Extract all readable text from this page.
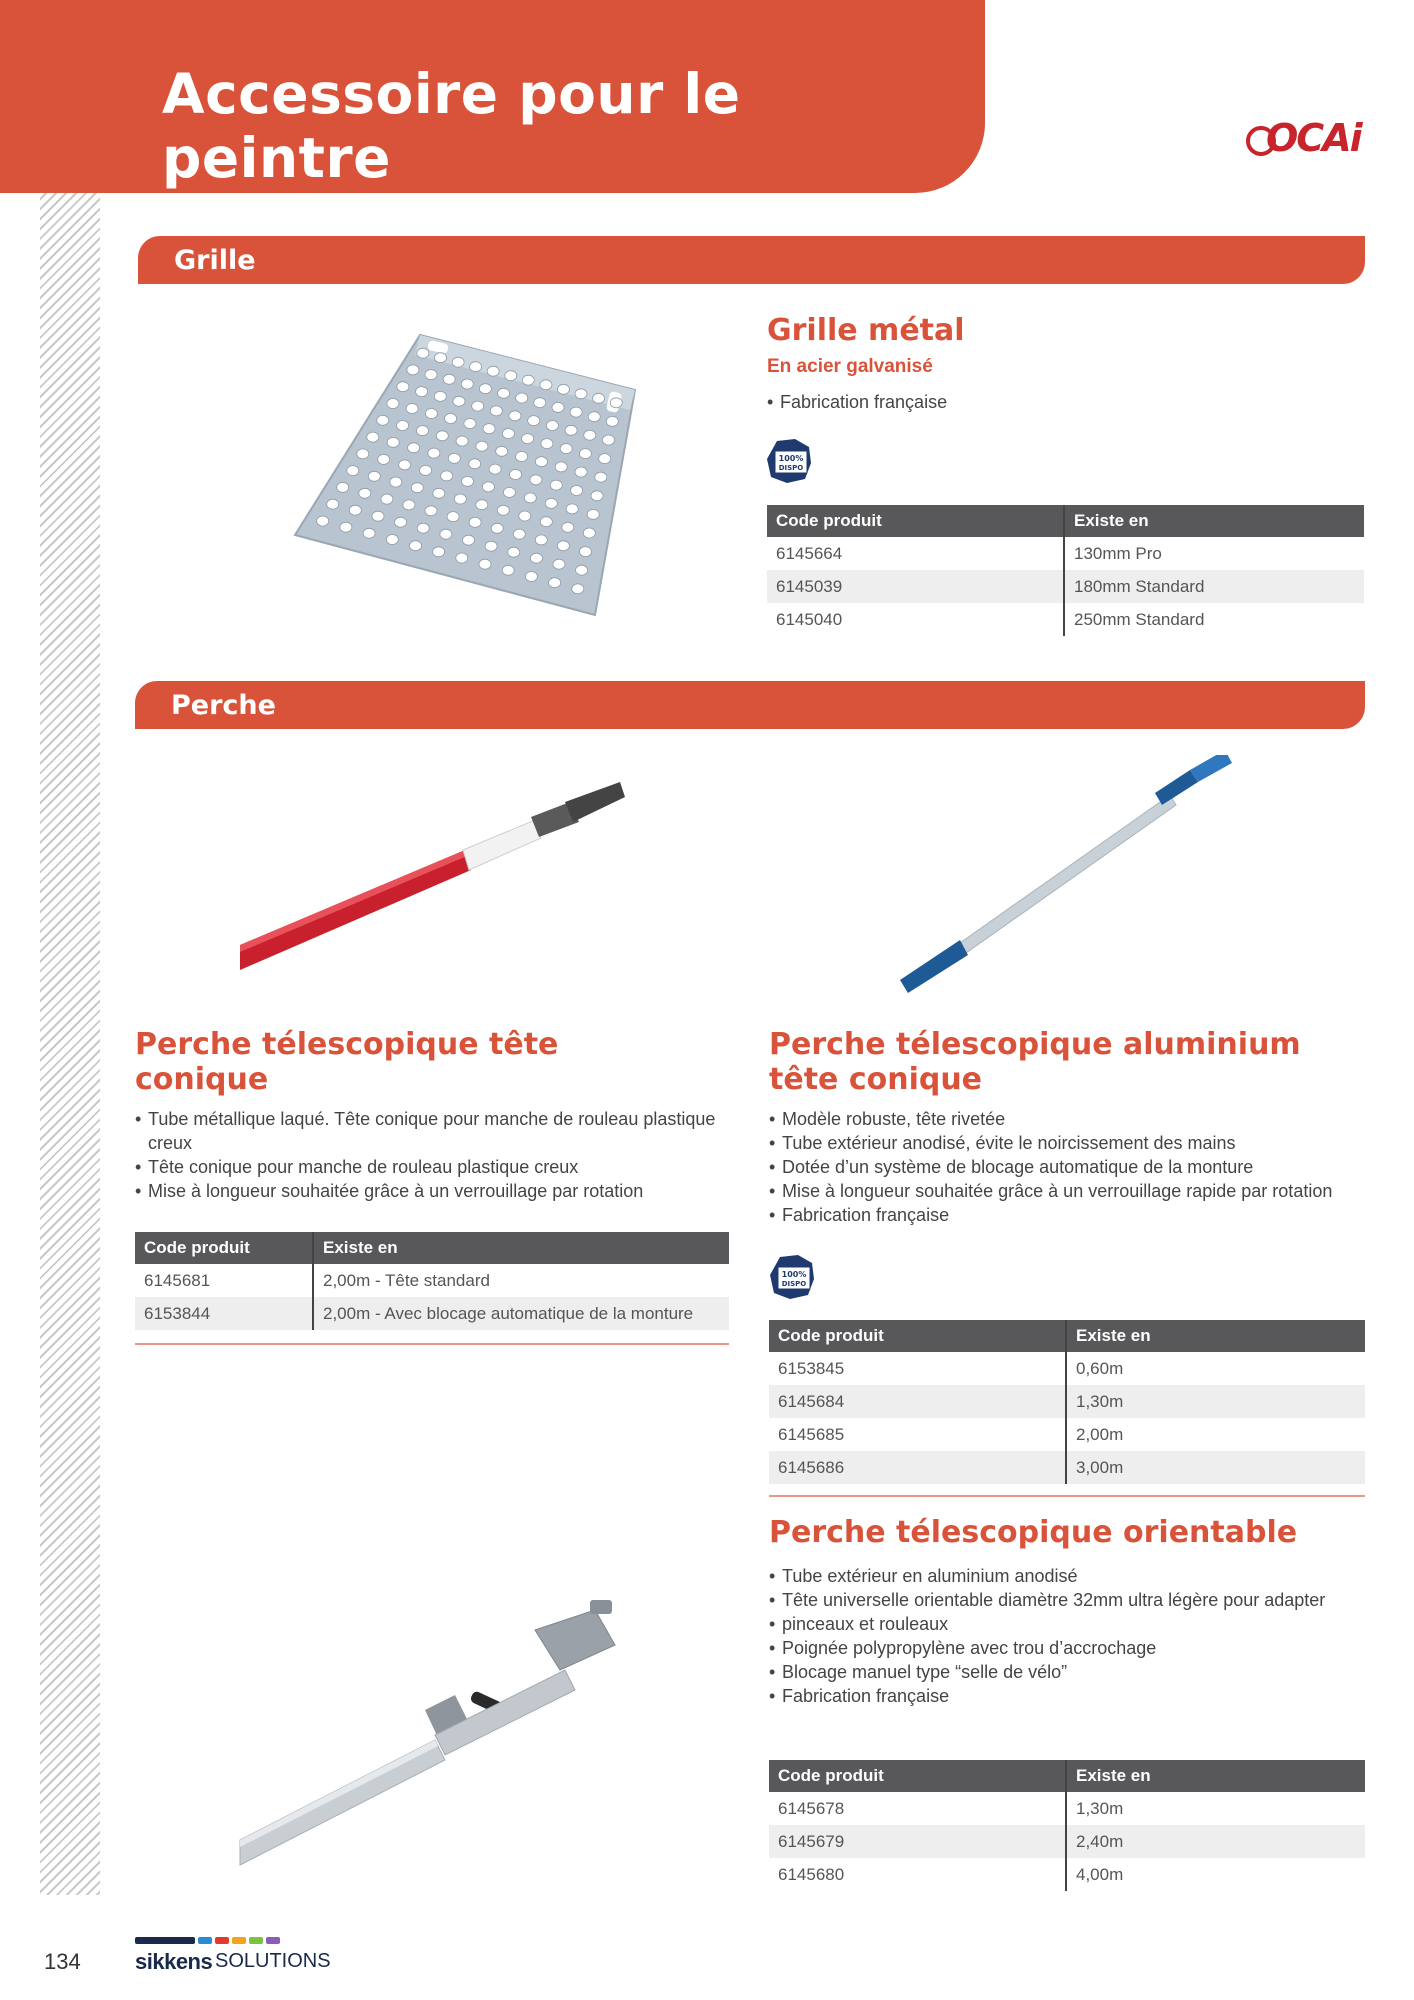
Accessoire pour le peintre	OCAi
Grille
Grille métal
En acier galvanisé
• Fabrication française
100%
DISPO
Code produit	Existe en
6145664	130mm Pro
6145039	180mm Standard
6145040	250mm Standard
Perche
Perche télescopique tête
conique
• Tube métallique laqué. Tête conique pour manche de rouleau plastique
creux
• Tête conique pour manche de rouleau plastique creux
• Mise à longueur souhaitée grâce à un verrouillage par rotation
Code produit	Existe en
6145681	2,00m - Tête standard
6153844	2,00m - Avec blocage automatique de la monture
Perche télescopique aluminium
tête conique
• Modèle robuste, tête rivetée
• Tube extérieur anodisé, évite le noircissement des mains
• Dotée d’un système de blocage automatique de la monture
• Mise à longueur souhaitée grâce à un verrouillage rapide par rotation
• Fabrication française
100%
DISPO
Code produit	Existe en
6153845	0,60m
6145684	1,30m
6145685	2,00m
6145686	3,00m
Perche télescopique orientable
• Tube extérieur en aluminium anodisé
• Tête universelle orientable diamètre 32mm ultra légère pour adapter
• pinceaux et rouleaux
• Poignée polypropylène avec trou d’accrochage
• Blocage manuel type “selle de vélo”
• Fabrication française
Code produit	Existe en
6145678	1,30m
6145679	2,40m
6145680	4,00m
134 sikkens SOLUTIONS
